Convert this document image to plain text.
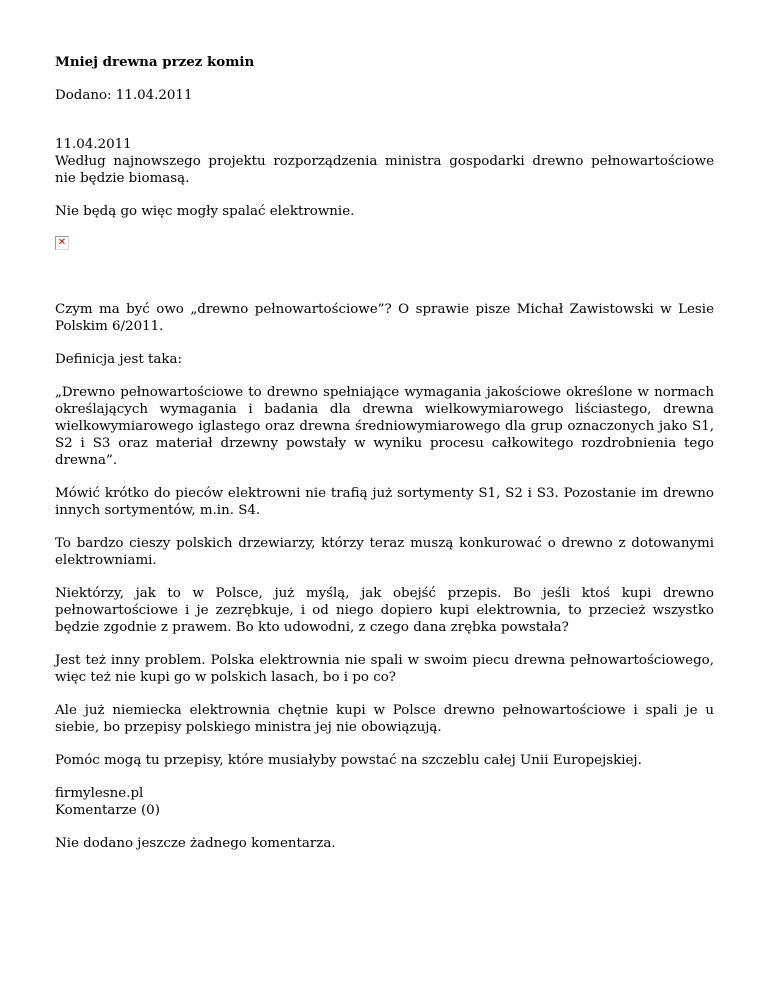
Mniej drewna przez komin

Dodano: 11.04.2011

11.04.2011

Według najnowszego projektu rozporządzenia ministra gospodarki drewno pełnowartościowe nie będzie biomasą.

Nie będą go więc mogły spalać elektrownie.

✕

Czym ma być owo „drewno pełnowartościowe”? O sprawie pisze Michał Zawistowski w Lesie Polskim 6/2011.

Definicja jest taka:

„Drewno pełnowartościowe to drewno spełniające wymagania jakościowe określone w normach określających wymagania i badania dla drewna wielkowymiarowego liściastego, drewna wielkowymiarowego iglastego oraz drewna średniowymiarowego dla grup oznaczonych jako S1, S2 i S3 oraz materiał drzewny powstały w wyniku procesu całkowitego rozdrobnienia tego drewna”.

Mówić krótko do pieców elektrowni nie trafią już sortymenty S1, S2 i S3. Pozostanie im drewno innych sortymentów, m.in. S4.

To bardzo cieszy polskich drzewiarzy, którzy teraz muszą konkurować o drewno z dotowanymi elektrowniami.

Niektórzy, jak to w Polsce, już myślą, jak obejść przepis. Bo jeśli ktoś kupi drewno pełnowartościowe i je zezrębkuje, i od niego dopiero kupi elektrownia, to przecież wszystko będzie zgodnie z prawem. Bo kto udowodni, z czego dana zrębka powstała?

Jest też inny problem. Polska elektrownia nie spali w swoim piecu drewna pełnowartościowego, więc też nie kupi go w polskich lasach, bo i po co?

Ale już niemiecka elektrownia chętnie kupi w Polsce drewno pełnowartościowe i spali je u siebie, bo przepisy polskiego ministra jej nie obowiązują.

Pomóc mogą tu przepisy, które musiałyby powstać na szczeblu całej Unii Europejskiej.

firmylesne.pl

Komentarze (0)

Nie dodano jeszcze żadnego komentarza.
